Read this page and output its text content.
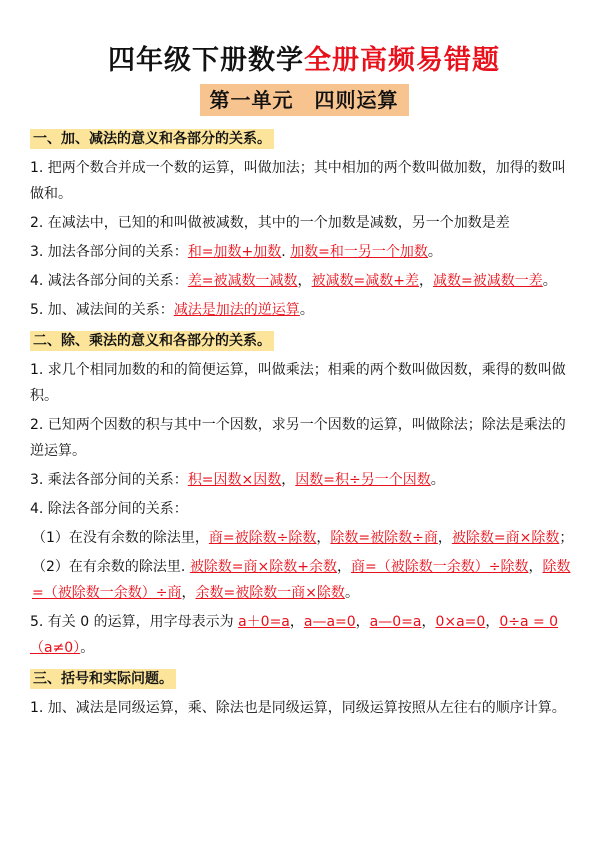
四年级下册数学全册高频易错题
第一单元　四则运算
一、加、减法的意义和各部分的关系。
1. 把两个数合并成一个数的运算，叫做加法；其中相加的两个数叫做加数，加得的数叫做和。
2. 在减法中，已知的和叫做被减数，其中的一个加数是减数，另一个加数是差
3. 加法各部分间的关系：和=加数+加数. 加数=和一另一个加数。
4. 减法各部分间的关系：差=被减数一减数，被减数=减数+差，减数=被减数一差。
5. 加、减法间的关系：减法是加法的逆运算。
二、除、乘法的意义和各部分的关系。
1. 求几个相同加数的和的简便运算，叫做乘法；相乘的两个数叫做因数，乘得的数叫做积。
2. 已知两个因数的积与其中一个因数，求另一个因数的运算，叫做除法；除法是乘法的逆运算。
3. 乘法各部分间的关系：积=因数×因数，因数=积÷另一个因数。
4. 除法各部分间的关系：
（1）在没有余数的除法里，商=被除数÷除数，除数=被除数÷商，被除数=商×除数；
（2）在有余数的除法里. 被除数=商×除数+余数，商=（被除数一余数）÷除数，除数=（被除数一余数）÷商，余数=被除数一商×除数。
5. 有关 0 的运算，用字母表示为 a＋0=a，a—a=0，a—0=a，0×a=0，0÷a = 0（a≠0）。
三、括号和实际问题。
1. 加、减法是同级运算，乘、除法也是同级运算，同级运算按照从左往右的顺序计算。
